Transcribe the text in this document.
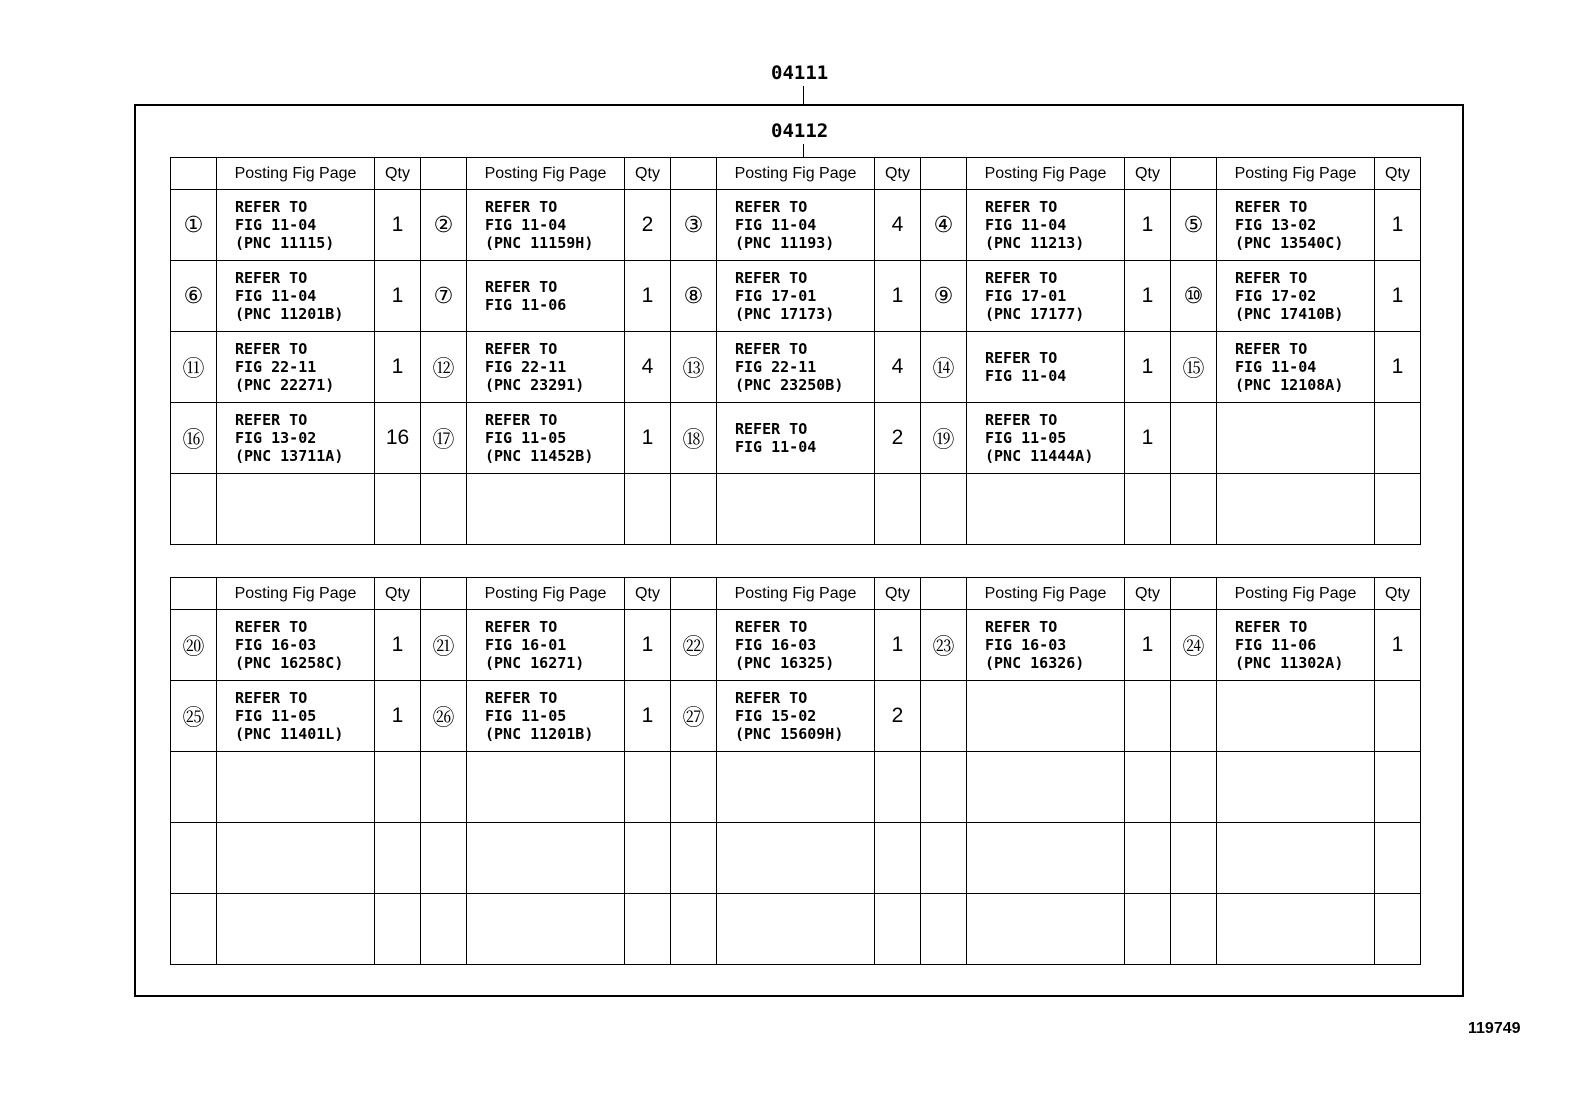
04111
04112
	Posting Fig Page	Qty		Posting Fig Page	Qty		Posting Fig Page	Qty		Posting Fig Page	Qty		Posting Fig Page	Qty
①	REFER TO
FIG 11-04
(PNC 11115)	1	②	REFER TO
FIG 11-04
(PNC 11159H)	2	③	REFER TO
FIG 11-04
(PNC 11193)	4	④	REFER TO
FIG 11-04
(PNC 11213)	1	⑤	REFER TO
FIG 13-02
(PNC 13540C)	1
⑥	REFER TO
FIG 11-04
(PNC 11201B)	1	⑦	REFER TO
FIG 11-06	1	⑧	REFER TO
FIG 17-01
(PNC 17173)	1	⑨	REFER TO
FIG 17-01
(PNC 17177)	1	⑩	REFER TO
FIG 17-02
(PNC 17410B)	1
⑪	REFER TO
FIG 22-11
(PNC 22271)	1	⑫	REFER TO
FIG 22-11
(PNC 23291)	4	⑬	REFER TO
FIG 22-11
(PNC 23250B)	4	⑭	REFER TO
FIG 11-04	1	⑮	REFER TO
FIG 11-04
(PNC 12108A)	1
⑯	REFER TO
FIG 13-02
(PNC 13711A)	16	⑰	REFER TO
FIG 11-05
(PNC 11452B)	1	⑱	REFER TO
FIG 11-04	2	⑲	REFER TO
FIG 11-05
(PNC 11444A)	1			

	Posting Fig Page	Qty		Posting Fig Page	Qty		Posting Fig Page	Qty		Posting Fig Page	Qty		Posting Fig Page	Qty
⑳	REFER TO
FIG 16-03
(PNC 16258C)	1	㉑	REFER TO
FIG 16-01
(PNC 16271)	1	㉒	REFER TO
FIG 16-03
(PNC 16325)	1	㉓	REFER TO
FIG 16-03
(PNC 16326)	1	㉔	REFER TO
FIG 11-06
(PNC 11302A)	1
㉕	REFER TO
FIG 11-05
(PNC 11401L)	1	㉖	REFER TO
FIG 11-05
(PNC 11201B)	1	㉗	REFER TO
FIG 15-02
(PNC 15609H)	2						

119749
